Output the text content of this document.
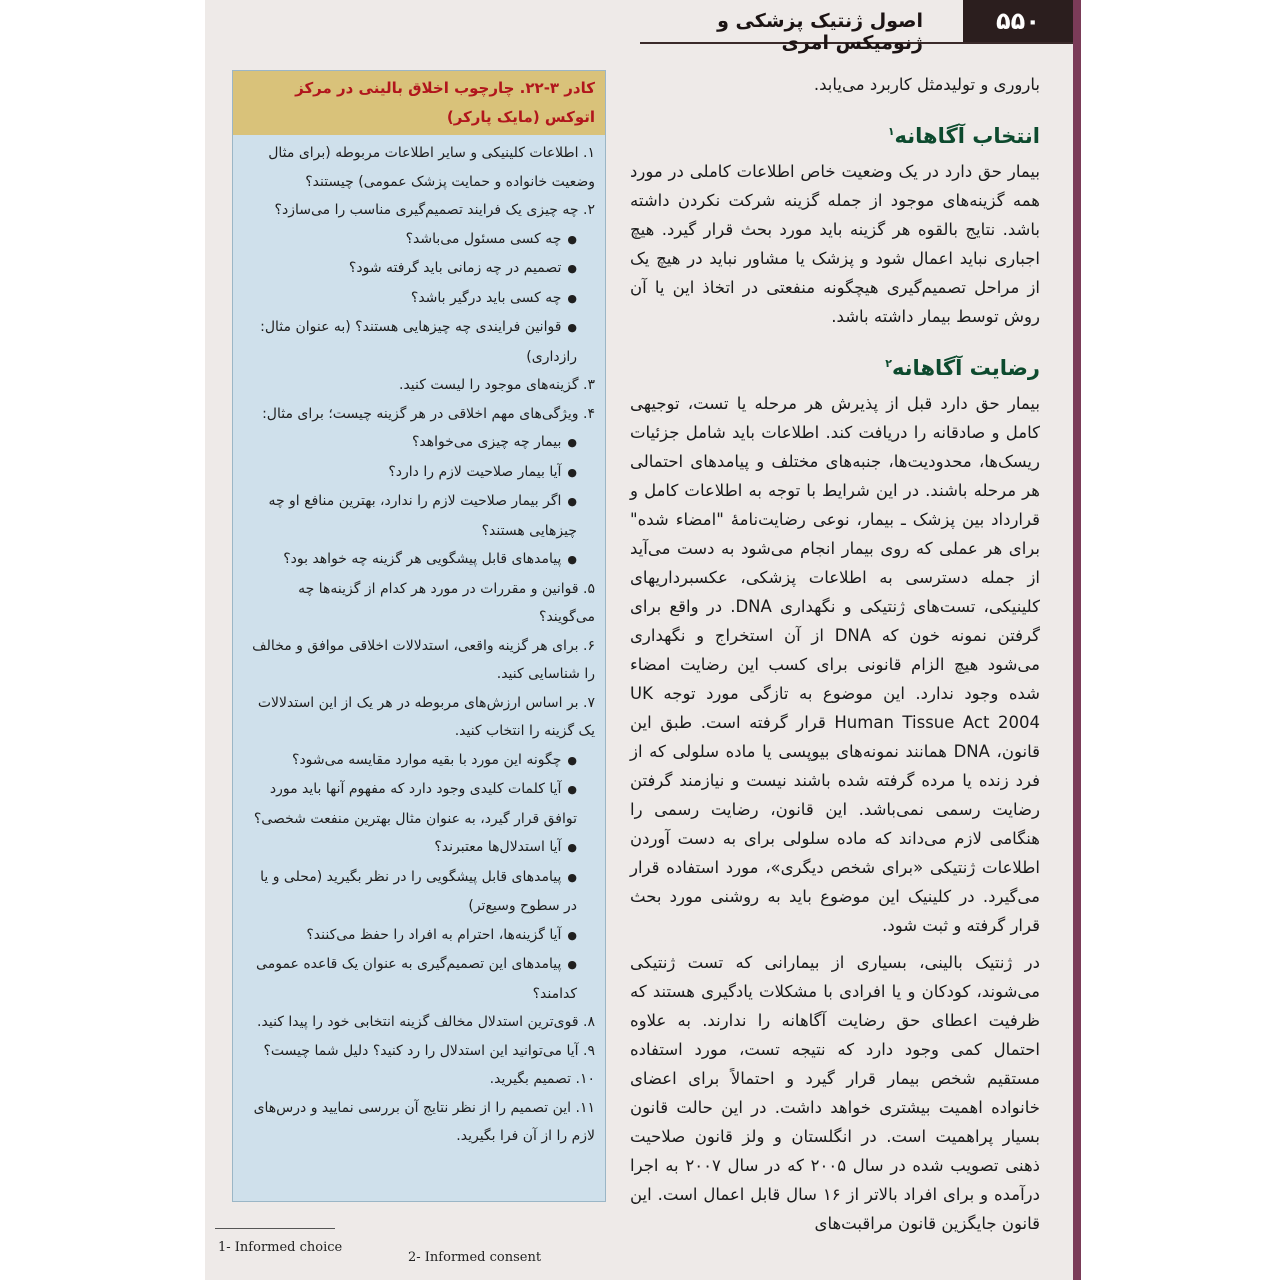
اصول ژنتیک پزشکی و ژنومیکس امری
۵۵۰

باروری و تولیدمثل کاربرد می‌یابد.

انتخاب آگاهانه$^۱$

بیمار حق دارد در یک وضعیت خاص اطلاعات کاملی در مورد همه گزینه‌های موجود از جمله گزینه شرکت نکردن داشته باشد. نتایج بالقوه هر گزینه باید مورد بحث قرار گیرد. هیچ اجباری نباید اعمال شود و پزشک یا مشاور نباید در هیچ یک از مراحل تصمیم‌گیری هیچگونه منفعتی در اتخاذ این یا آن روش توسط بیمار داشته باشد.

رضایت آگاهانه$^۲$

بیمار حق دارد قبل از پذیرش هر مرحله یا تست، توجیهی کامل و صادقانه را دریافت کند. اطلاعات باید شامل جزئیات ریسک‌ها، محدودیت‌ها، جنبه‌های مختلف و پیامدهای احتمالی هر مرحله باشند. در این شرایط با توجه به اطلاعات کامل و قرارداد بین پزشک ـ بیمار، نوعی رضایت‌نامهٔ "امضاء شده" برای هر عملی که روی بیمار انجام می‌شود به دست می‌آید از جمله دسترسی به اطلاعات پزشکی، عکسبرداریهای کلینیکی، تست‌های ژنتیکی و نگهداری DNA. در واقع برای گرفتن نمونه خون که DNA از آن استخراج و نگهداری می‌شود هیچ الزام قانونی برای کسب این رضایت امضاء شده وجود ندارد. این موضوع به تازگی مورد توجه UK Human Tissue Act 2004 قرار گرفته است. طبق این قانون، DNA همانند نمونه‌های بیوپسی یا ماده سلولی که از فرد زنده یا مرده گرفته شده باشند نیست و نیازمند گرفتن رضایت رسمی نمی‌باشد. این قانون، رضایت رسمی را هنگامی لازم می‌داند که ماده سلولی برای به دست آوردن اطلاعات ژنتیکی «برای شخص دیگری»، مورد استفاده قرار می‌گیرد. در کلینیک این موضوع باید به روشنی مورد بحث قرار گرفته و ثبت شود.

در ژنتیک بالینی، بسیاری از بیمارانی که تست ژنتیکی می‌شوند، کودکان و یا افرادی با مشکلات یادگیری هستند که ظرفیت اعطای حق رضایت آگاهانه را ندارند. به علاوه احتمال کمی وجود دارد که نتیجه تست، مورد استفاده مستقیم شخص بیمار قرار گیرد و احتمالاً برای اعضای خانواده اهمیت بیشتری خواهد داشت. در این حالت قانون بسیار پراهمیت است. در انگلستان و ولز قانون صلاحیت ذهنی تصویب شده در سال ۲۰۰۵ که در سال ۲۰۰۷ به اجرا درآمده و برای افراد بالاتر از ۱۶ سال قابل اعمال است. این قانون جایگزین قانون مراقبت‌های

کادر ۳-۲۲. چارچوب اخلاق بالینی در مرکز اتوکس (مایک پارکر)
۱. اطلاعات کلینیکی و سایر اطلاعات مربوطه (برای مثال وضعیت خانواده و حمایت پزشک عمومی) چیستند؟
۲. چه چیزی یک فرایند تصمیم‌گیری مناسب را می‌سازد؟
●چه کسی مسئول می‌باشد؟
●تصمیم در چه زمانی باید گرفته شود؟
●چه کسی باید درگیر باشد؟
●قوانین فرایندی چه چیزهایی هستند؟ (به عنوان مثال: رازداری)
۳. گزینه‌های موجود را لیست کنید.
۴. ویژگی‌های مهم اخلاقی در هر گزینه چیست؛ برای مثال:
●بیمار چه چیزی می‌خواهد؟
●آیا بیمار صلاحیت لازم را دارد؟
●اگر بیمار صلاحیت لازم را ندارد، بهترین منافع او چه چیزهایی هستند؟
●پیامدهای قابل پیشگویی هر گزینه چه خواهد بود؟
۵. قوانین و مقررات در مورد هر کدام از گزینه‌ها چه می‌گویند؟
۶. برای هر گزینه واقعی، استدلالات اخلاقی موافق و مخالف را شناسایی کنید.
۷. بر اساس ارزش‌های مربوطه در هر یک از این استدلالات یک گزینه را انتخاب کنید.
●چگونه این مورد با بقیه موارد مقایسه می‌شود؟
●آیا کلمات کلیدی وجود دارد که مفهوم آنها باید مورد توافق قرار گیرد، به عنوان مثال بهترین منفعت شخصی؟
●آیا استدلال‌ها معتبرند؟
●پیامدهای قابل پیشگویی را در نظر بگیرید (محلی و یا در سطوح وسیع‌تر)
●آیا گزینه‌ها، احترام به افراد را حفظ می‌کنند؟
●پیامدهای این تصمیم‌گیری به عنوان یک قاعده عمومی کدامند؟
۸. قوی‌ترین استدلال مخالف گزینه انتخابی خود را پیدا کنید.
۹. آیا می‌توانید این استدلال را رد کنید؟ دلیل شما چیست؟
۱۰. تصمیم بگیرید.
۱۱. این تصمیم را از نظر نتایج آن بررسی نمایید و درس‌های لازم را از آن فرا بگیرید.
1- Informed choice
2- Informed consent
